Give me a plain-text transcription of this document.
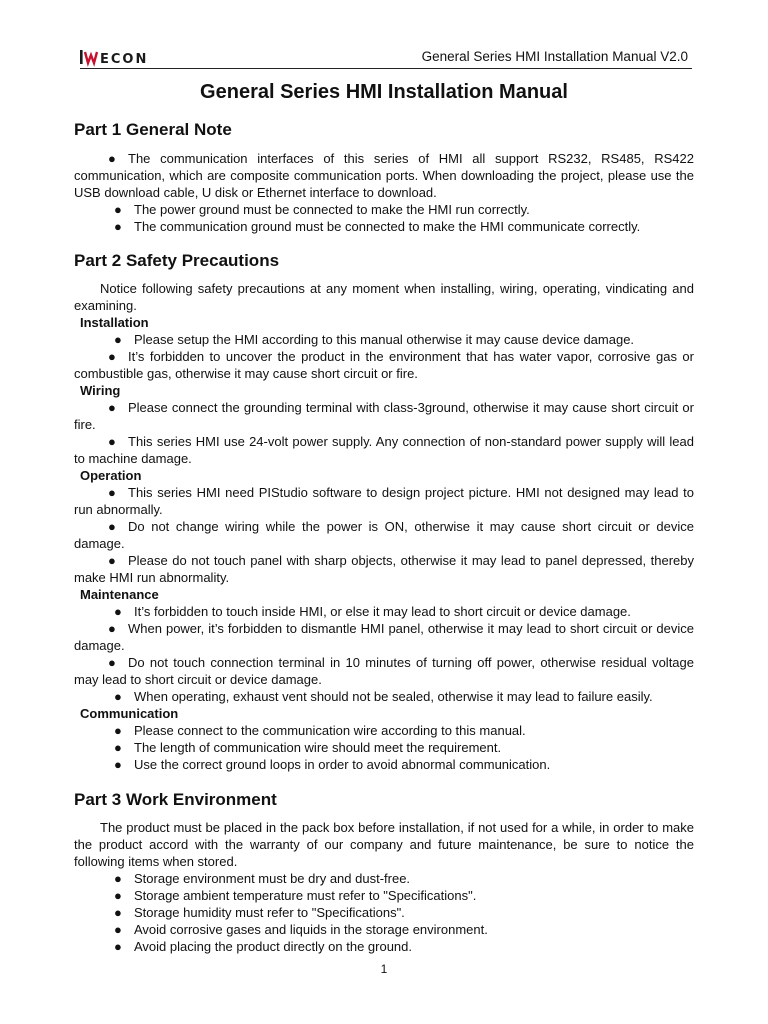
ECON	General Series HMI Installation Manual V2.0
General Series HMI Installation Manual
Part 1 General Note

● The communication interfaces of this series of HMI all support RS232, RS485, RS422 communication, which are composite communication ports. When downloading the project, please use the USB download cable, U disk or Ethernet interface to download.

● The power ground must be connected to make the HMI run correctly.

● The communication ground must be connected to make the HMI communicate correctly.

Part 2 Safety Precautions

Notice following safety precautions at any moment when installing, wiring, operating, vindicating and examining.

Installation

● Please setup the HMI according to this manual otherwise it may cause device damage.

● It’s forbidden to uncover the product in the environment that has water vapor, corrosive gas or combustible gas, otherwise it may cause short circuit or fire.

Wiring

● Please connect the grounding terminal with class-3ground, otherwise it may cause short circuit or fire.

● This series HMI use 24-volt power supply. Any connection of non-standard power supply will lead to machine damage.

Operation

● This series HMI need PIStudio software to design project picture. HMI not designed may lead to run abnormally.

● Do not change wiring while the power is ON, otherwise it may cause short circuit or device damage.

● Please do not touch panel with sharp objects, otherwise it may lead to panel depressed, thereby make HMI run abnormality.

Maintenance

● It’s forbidden to touch inside HMI, or else it may lead to short circuit or device damage.

● When power, it’s forbidden to dismantle HMI panel, otherwise it may lead to short circuit or device damage.

● Do not touch connection terminal in 10 minutes of turning off power, otherwise residual voltage may lead to short circuit or device damage.

● When operating, exhaust vent should not be sealed, otherwise it may lead to failure easily.

Communication

● Please connect to the communication wire according to this manual.

● The length of communication wire should meet the requirement.

● Use the correct ground loops in order to avoid abnormal communication.

Part 3 Work Environment

The product must be placed in the pack box before installation, if not used for a while, in order to make the product accord with the warranty of our company and future maintenance, be sure to notice the following items when stored.

● Storage environment must be dry and dust-free.

● Storage ambient temperature must refer to "Specifications".

● Storage humidity must refer to "Specifications".

● Avoid corrosive gases and liquids in the storage environment.

● Avoid placing the product directly on the ground.

1
